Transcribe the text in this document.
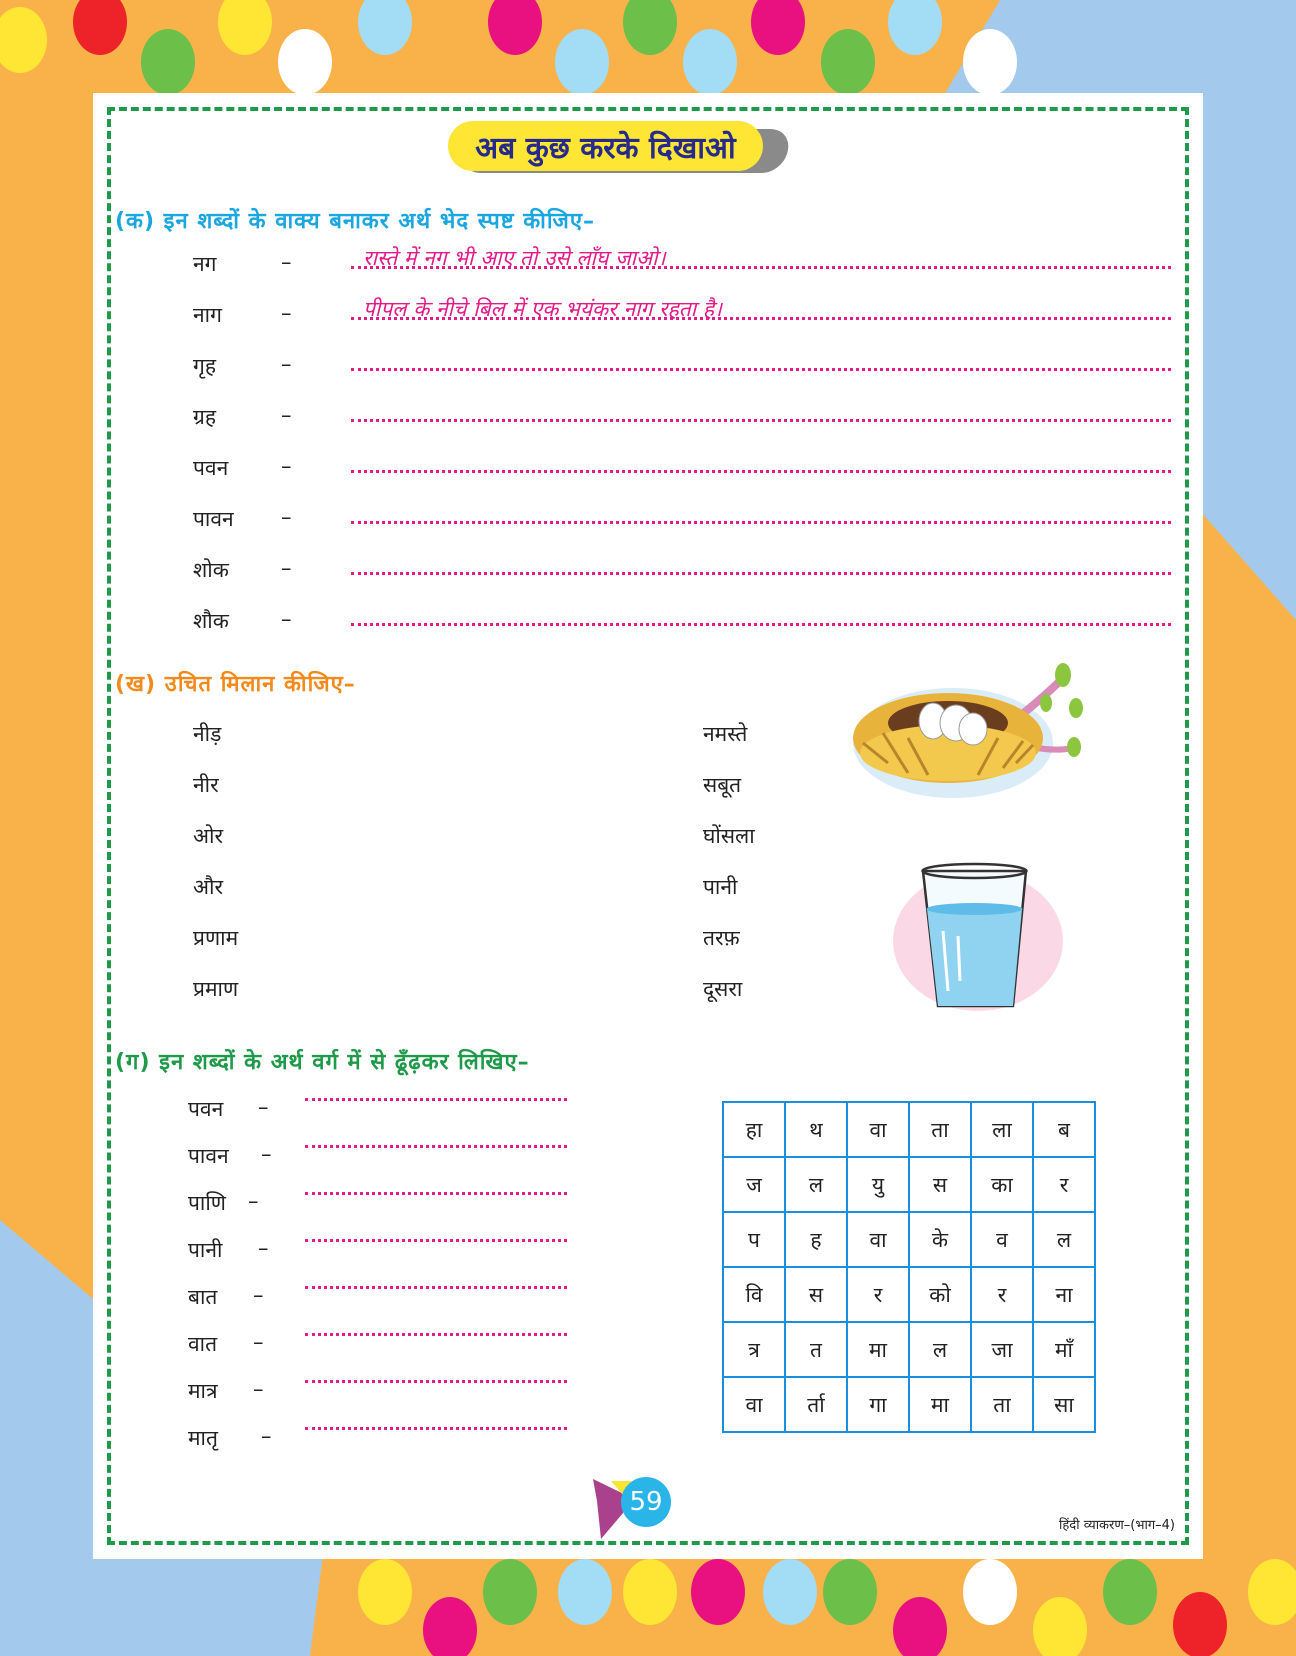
अब कुछ करके दिखाओ
(क) इन शब्दों के वाक्य बनाकर अर्थ भेद स्पष्ट कीजिए–
नग	–	रास्ते में नग भी आए तो उसे लाँघ जाओ।
नाग	–	पीपल के नीचे बिल में एक भयंकर नाग रहता है।
गृह	–
ग्रह	–
पवन	–
पावन –
शोक –
शौक –
(ख) उचित मिलान कीजिए–
नीड़
नीर
ओर
और
प्रणाम
प्रमाण
नमस्ते
सबूत
घोंसला
पानी
तरफ़
दूसरा
(ग) इन शब्दों के अर्थ वर्ग में से ढूँढ़कर लिखिए–
पवन –
पावन –
पाणि –
पानी –
बात –
वात –
मात्र –
मातृ –
हा	थ	वा	ता	ला	ब
ज	ल	यु	स	का	र
प	ह	वा	के	व	ल
वि	स	र	को	र	ना
त्र	त	मा	ल	जा	माँ
वा	र्ता	गा	मा	ता	सा
59
हिंदी व्याकरण–(भाग–4)
